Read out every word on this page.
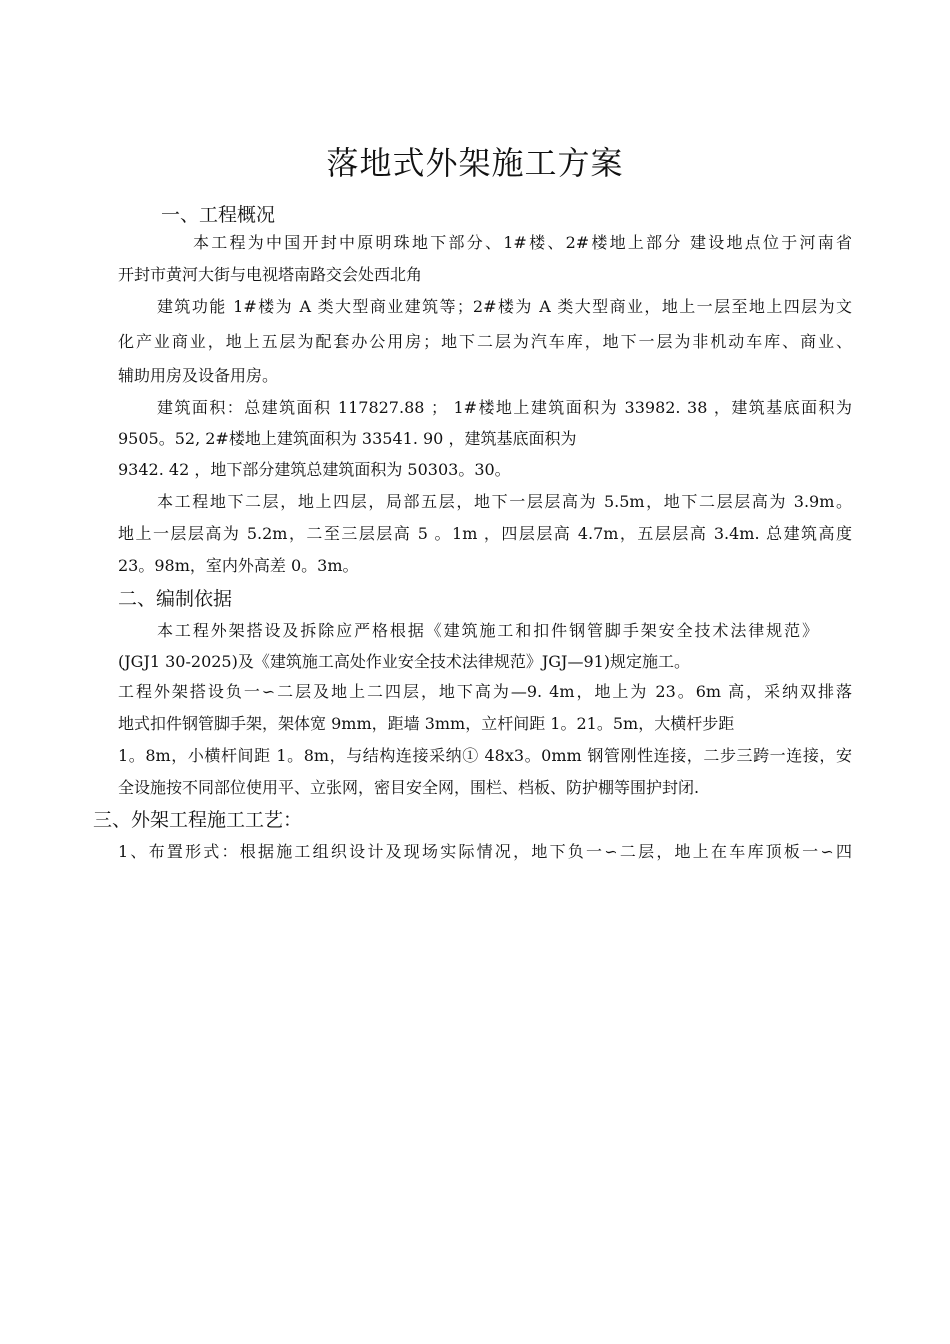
落地式外架施工方案
一、工程概况
本工程为中国开封中原明珠地下部分、1#楼、2#楼地上部分 建设地点位于河南省
开封市黄河大街与电视塔南路交会处西北角
建筑功能 1#楼为 A 类大型商业建筑等；2#楼为 A 类大型商业，地上一层至地上四层为文
化产业商业，地上五层为配套办公用房；地下二层为汽车库，地下一层为非机动车库、商业、
辅助用房及设备用房。
建筑面积：总建筑面积 117827.88 ； 1#楼地上建筑面积为 33982. 38 ，建筑基底面积为
9505。52, 2#楼地上建筑面积为 33541. 90 ，建筑基底面积为
9342. 42 ，地下部分建筑总建筑面积为 50303。30。
本工程地下二层，地上四层，局部五层，地下一层层高为 5.5m，地下二层层高为 3.9m。
地上一层层高为 5.2m，二至三层层高 5 。1m ，四层层高 4.7m，五层层高 3.4m. 总建筑高度
23。98m，室内外高差 0。3m。
二、编制依据
本工程外架搭设及拆除应严格根据《建筑施工和扣件钢管脚手架安全技术法律规范》
(JGJ1 30-2025)及《建筑施工高处作业安全技术法律规范》JGJ—91)规定施工。
工程外架搭设负一∽二层及地上二四层，地下高为—9. 4m，地上为 23。6m 高，采纳双排落
地式扣件钢管脚手架，架体宽 9mm，距墙 3mm，立杆间距 1。21。5m，大横杆步距
1。8m，小横杆间距 1。8m，与结构连接采纳① 48x3。0mm 钢管刚性连接，二步三跨一连接，安
全设施按不同部位使用平、立张网，密目安全网，围栏、档板、防护棚等围护封闭.
三、外架工程施工工艺：
1、布置形式：根据施工组织设计及现场实际情况，地下负一∽二层，地上在车库顶板一∽四
